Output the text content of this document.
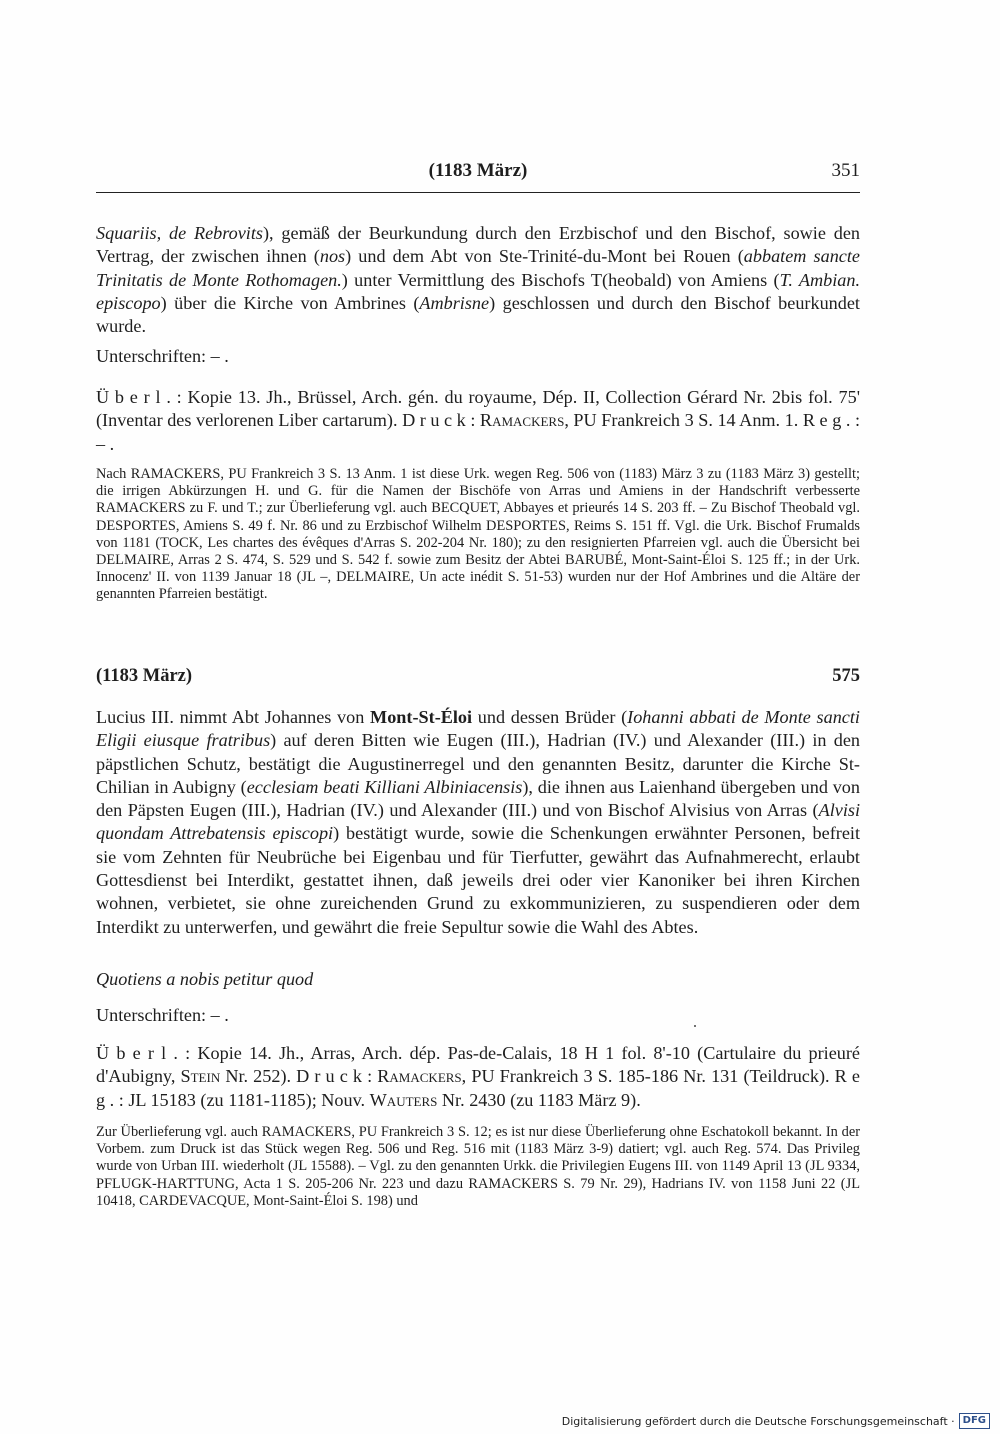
(1183 März)	351

Squariis, de Rebrovits), gemäß der Beurkundung durch den Erzbischof und den Bischof, sowie den Vertrag, der zwischen ihnen (nos) und dem Abt von Ste-Trinité-du-Mont bei Rouen (abbatem sancte Trinitatis de Monte Rothomagen.) unter Vermittlung des Bischofs T(heobald) von Amiens (T. Ambian. episcopo) über die Kirche von Ambrines (Ambrisne) geschlossen und durch den Bischof beurkundet wurde.

Unterschriften: – .

Ü b e r l . : Kopie 13. Jh., Brüssel, Arch. gén. du royaume, Dép. II, Collection Gérard Nr. 2bis fol. 75' (Inventar des verlorenen Liber cartarum). D r u c k : Ramackers, PU Frankreich 3 S. 14 Anm. 1. R e g . : – .

Nach RAMACKERS, PU Frankreich 3 S. 13 Anm. 1 ist diese Urk. wegen Reg. 506 von (1183) März 3 zu (1183 März 3) gestellt; die irrigen Abkürzungen H. und G. für die Namen der Bischöfe von Arras und Amiens in der Handschrift verbesserte RAMACKERS zu F. und T.; zur Überlieferung vgl. auch BECQUET, Abbayes et prieurés 14 S. 203 ff. – Zu Bischof Theobald vgl. DESPORTES, Amiens S. 49 f. Nr. 86 und zu Erzbischof Wilhelm DESPORTES, Reims S. 151 ff. Vgl. die Urk. Bischof Frumalds von 1181 (TOCK, Les chartes des évêques d'Arras S. 202-204 Nr. 180); zu den resignierten Pfarreien vgl. auch die Übersicht bei DELMAIRE, Arras 2 S. 474, S. 529 und S. 542 f. sowie zum Besitz der Abtei BARUBÉ, Mont-Saint-Éloi S. 125 ff.; in der Urk. Innocenz' II. von 1139 Januar 18 (JL –, DELMAIRE, Un acte inédit S. 51-53) wurden nur der Hof Ambrines und die Altäre der genannten Pfarreien bestätigt.

(1183 März)	575

Lucius III. nimmt Abt Johannes von Mont-St-Éloi und dessen Brüder (Iohanni abbati de Monte sancti Eligii eiusque fratribus) auf deren Bitten wie Eugen (III.), Hadrian (IV.) und Alexander (III.) in den päpstlichen Schutz, bestätigt die Augustinerregel und den genannten Besitz, darunter die Kirche St-Chilian in Aubigny (ecclesiam beati Killiani Albiniacensis), die ihnen aus Laienhand übergeben und von den Päpsten Eugen (III.), Hadrian (IV.) und Alexander (III.) und von Bischof Alvisius von Arras (Alvisi quondam Attrebatensis episcopi) bestätigt wurde, sowie die Schenkungen erwähnter Personen, befreit sie vom Zehnten für Neubrüche bei Eigenbau und für Tierfutter, gewährt das Aufnahmerecht, erlaubt Gottesdienst bei Interdikt, gestattet ihnen, daß jeweils drei oder vier Kanoniker bei ihren Kirchen wohnen, verbietet, sie ohne zureichenden Grund zu exkommunizieren, zu suspendieren oder dem Interdikt zu unterwerfen, und gewährt die freie Sepultur sowie die Wahl des Abtes.

Quotiens a nobis petitur quod

Unterschriften: – .

Ü b e r l . : Kopie 14. Jh., Arras, Arch. dép. Pas-de-Calais, 18 H 1 fol. 8'-10 (Cartulaire du prieuré d'Aubigny, Stein Nr. 252). D r u c k : Ramackers, PU Frankreich 3 S. 185-186 Nr. 131 (Teildruck). R e g . : JL 15183 (zu 1181-1185); Nouv. Wauters Nr. 2430 (zu 1183 März 9).

Zur Überlieferung vgl. auch RAMACKERS, PU Frankreich 3 S. 12; es ist nur diese Überlieferung ohne Eschatokoll bekannt. In der Vorbem. zum Druck ist das Stück wegen Reg. 506 und Reg. 516 mit (1183 März 3-9) datiert; vgl. auch Reg. 574. Das Privileg wurde von Urban III. wiederholt (JL 15588). – Vgl. zu den genannten Urkk. die Privilegien Eugens III. von 1149 April 13 (JL 9334, PFLUGK-HARTTUNG, Acta 1 S. 205-206 Nr. 223 und dazu RAMACKERS S. 79 Nr. 29), Hadrians IV. von 1158 Juni 22 (JL 10418, CARDEVACQUE, Mont-Saint-Éloi S. 198) und

Digitalisierung gefördert durch die Deutsche Forschungsgemeinschaft · DFG
